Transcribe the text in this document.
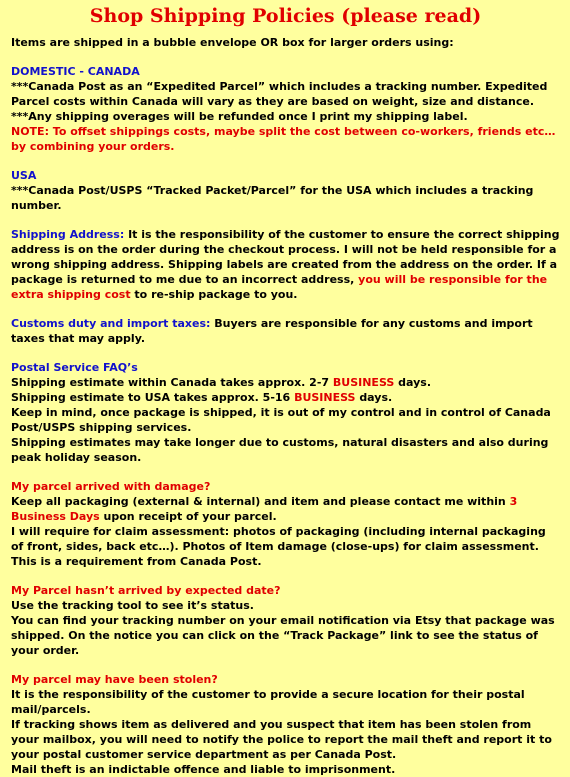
Shop Shipping Policies (please read)

Items are shipped in a bubble envelope OR box for larger orders using:

DOMESTIC - CANADA

***Canada Post as an “Expedited Parcel” which includes a tracking number. Expedited Parcel costs within Canada will vary as they are based on weight, size and distance.

***Any shipping overages will be refunded once I print my shipping label.

NOTE: To offset shippings costs, maybe split the cost between co-workers, friends etc…by combining your orders.

USA

***Canada Post/USPS “Tracked Packet/Parcel” for the USA which includes a tracking number.

Shipping Address: It is the responsibility of the customer to ensure the correct shipping address is on the order during the checkout process. I will not be held responsible for a wrong shipping address. Shipping labels are created from the address on the order. If a package is returned to me due to an incorrect address, you will be responsible for the extra shipping cost to re-ship package to you.

Customs duty and import taxes: Buyers are responsible for any customs and import taxes that may apply.

Postal Service FAQ’s

Shipping estimate within Canada takes approx. 2-7 BUSINESS days.

Shipping estimate to USA takes approx. 5-16 BUSINESS days.

Keep in mind, once package is shipped, it is out of my control and in control of Canada Post/USPS shipping services.

Shipping estimates may take longer due to customs, natural disasters and also during peak holiday season.

My parcel arrived with damage?

Keep all packaging (external & internal) and item and please contact me within 3 Business Days upon receipt of your parcel.

I will require for claim assessment: photos of packaging (including internal packaging of front, sides, back etc…). Photos of Item damage (close-ups) for claim assessment. This is a requirement from Canada Post.

My Parcel hasn’t arrived by expected date?

Use the tracking tool to see it’s status.

You can find your tracking number on your email notification via Etsy that package was shipped. On the notice you can click on the “Track Package” link to see the status of your order.

My parcel may have been stolen?

It is the responsibility of the customer to provide a secure location for their postal mail/parcels.

If tracking shows item as delivered and you suspect that item has been stolen from your mailbox, you will need to notify the police to report the mail theft and report it to your postal customer service department as per Canada Post.

Mail theft is an indictable offence and liable to imprisonment.
